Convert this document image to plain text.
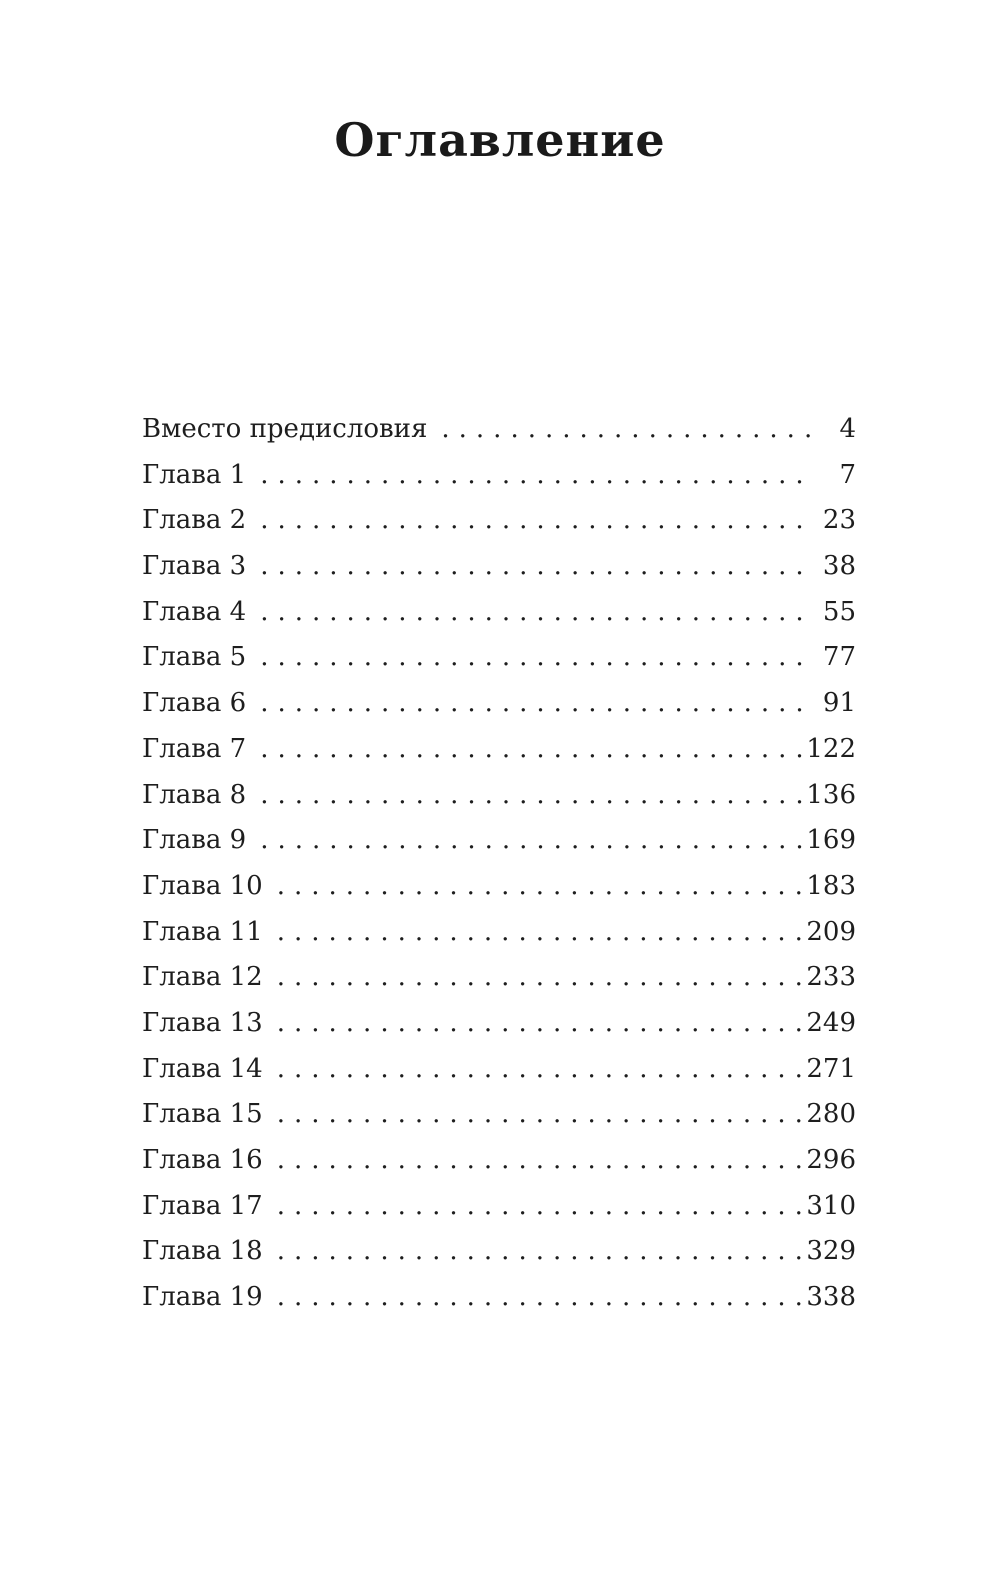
Оглавление
Вместо предисловия .....	4
Глава 1 .....	7
Глава 2 .....	23
Глава 3 .....	38
Глава 4 .....	55
Глава 5 .....	77
Глава 6 .....	91
Глава 7 .....	122
Глава 8 .....	136
Глава 9 .....	169
Глава 10 .....	183
Глава 11 .....	209
Глава 12 .....	233
Глава 13 .....	249
Глава 14 .....	271
Глава 15 .....	280
Глава 16 .....	296
Глава 17 .....	310
Глава 18 .....	329
Глава 19 .....	338
